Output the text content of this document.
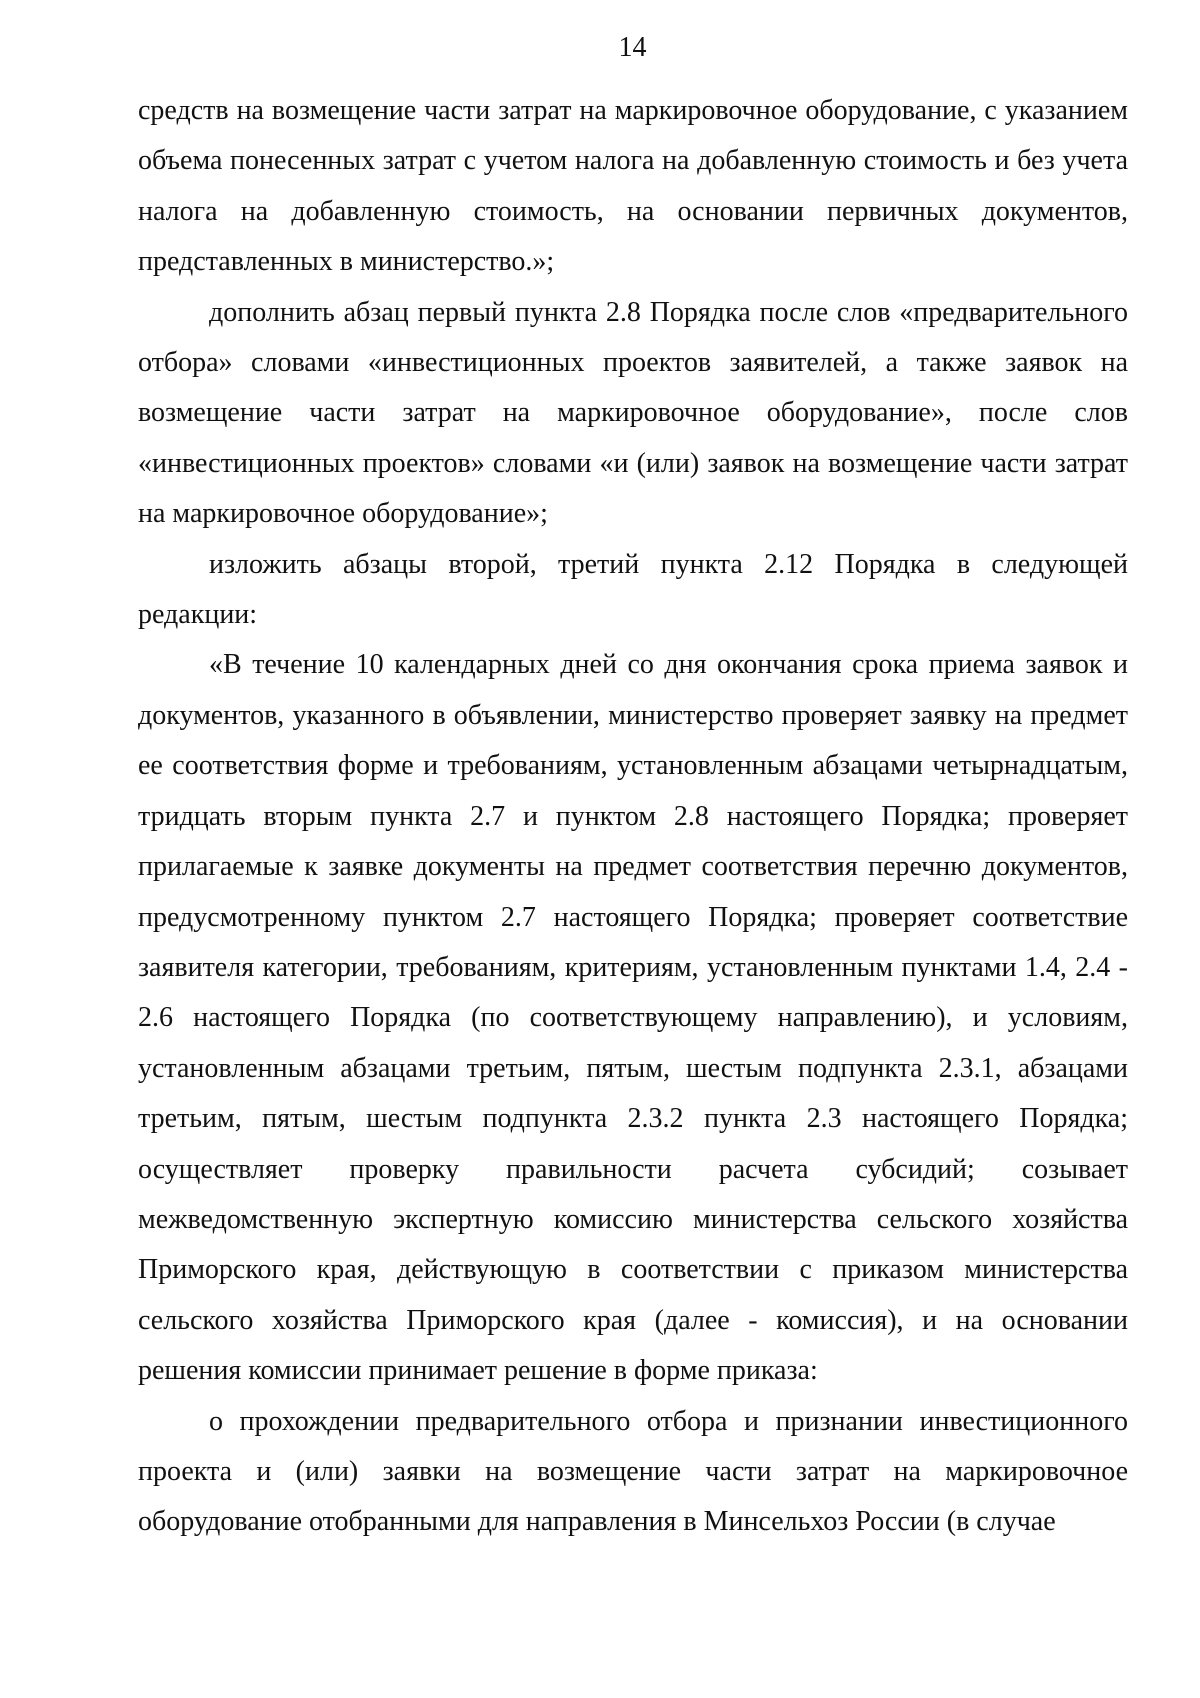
14

средств на возмещение части затрат на маркировочное оборудование, с указанием объема понесенных затрат с учетом налога на добавленную стоимость и без учета налога на добавленную стоимость, на основании первичных документов, представленных в министерство.»;

дополнить абзац первый пункта 2.8 Порядка после слов «предварительного отбора» словами «инвестиционных проектов заявителей, а также заявок на возмещение части затрат на маркировочное оборудование», после слов «инвестиционных проектов» словами «и (или) заявок на возмещение части затрат на маркировочное оборудование»;

изложить абзацы второй, третий пункта 2.12 Порядка в следующей редакции:

«В течение 10 календарных дней со дня окончания срока приема заявок и документов, указанного в объявлении, министерство проверяет заявку на предмет ее соответствия форме и требованиям, установленным абзацами четырнадцатым, тридцать вторым пункта 2.7 и пунктом 2.8 настоящего Порядка; проверяет прилагаемые к заявке документы на предмет соответствия перечню документов, предусмотренному пунктом 2.7 настоящего Порядка; проверяет соответствие заявителя категории, требованиям, критериям, установленным пунктами 1.4, 2.4 - 2.6 настоящего Порядка (по соответствующему направлению), и условиям, установленным абзацами третьим, пятым, шестым подпункта 2.3.1, абзацами третьим, пятым, шестым подпункта 2.3.2 пункта 2.3 настоящего Порядка; осуществляет проверку правильности расчета субсидий; созывает межведомственную экспертную комиссию министерства сельского хозяйства Приморского края, действующую в соответствии с приказом министерства сельского хозяйства Приморского края (далее - комиссия), и на основании решения комиссии принимает решение в форме приказа:

о прохождении предварительного отбора и признании инвестиционного проекта и (или) заявки на возмещение части затрат на маркировочное оборудование отобранными для направления в Минсельхоз России (в случае
